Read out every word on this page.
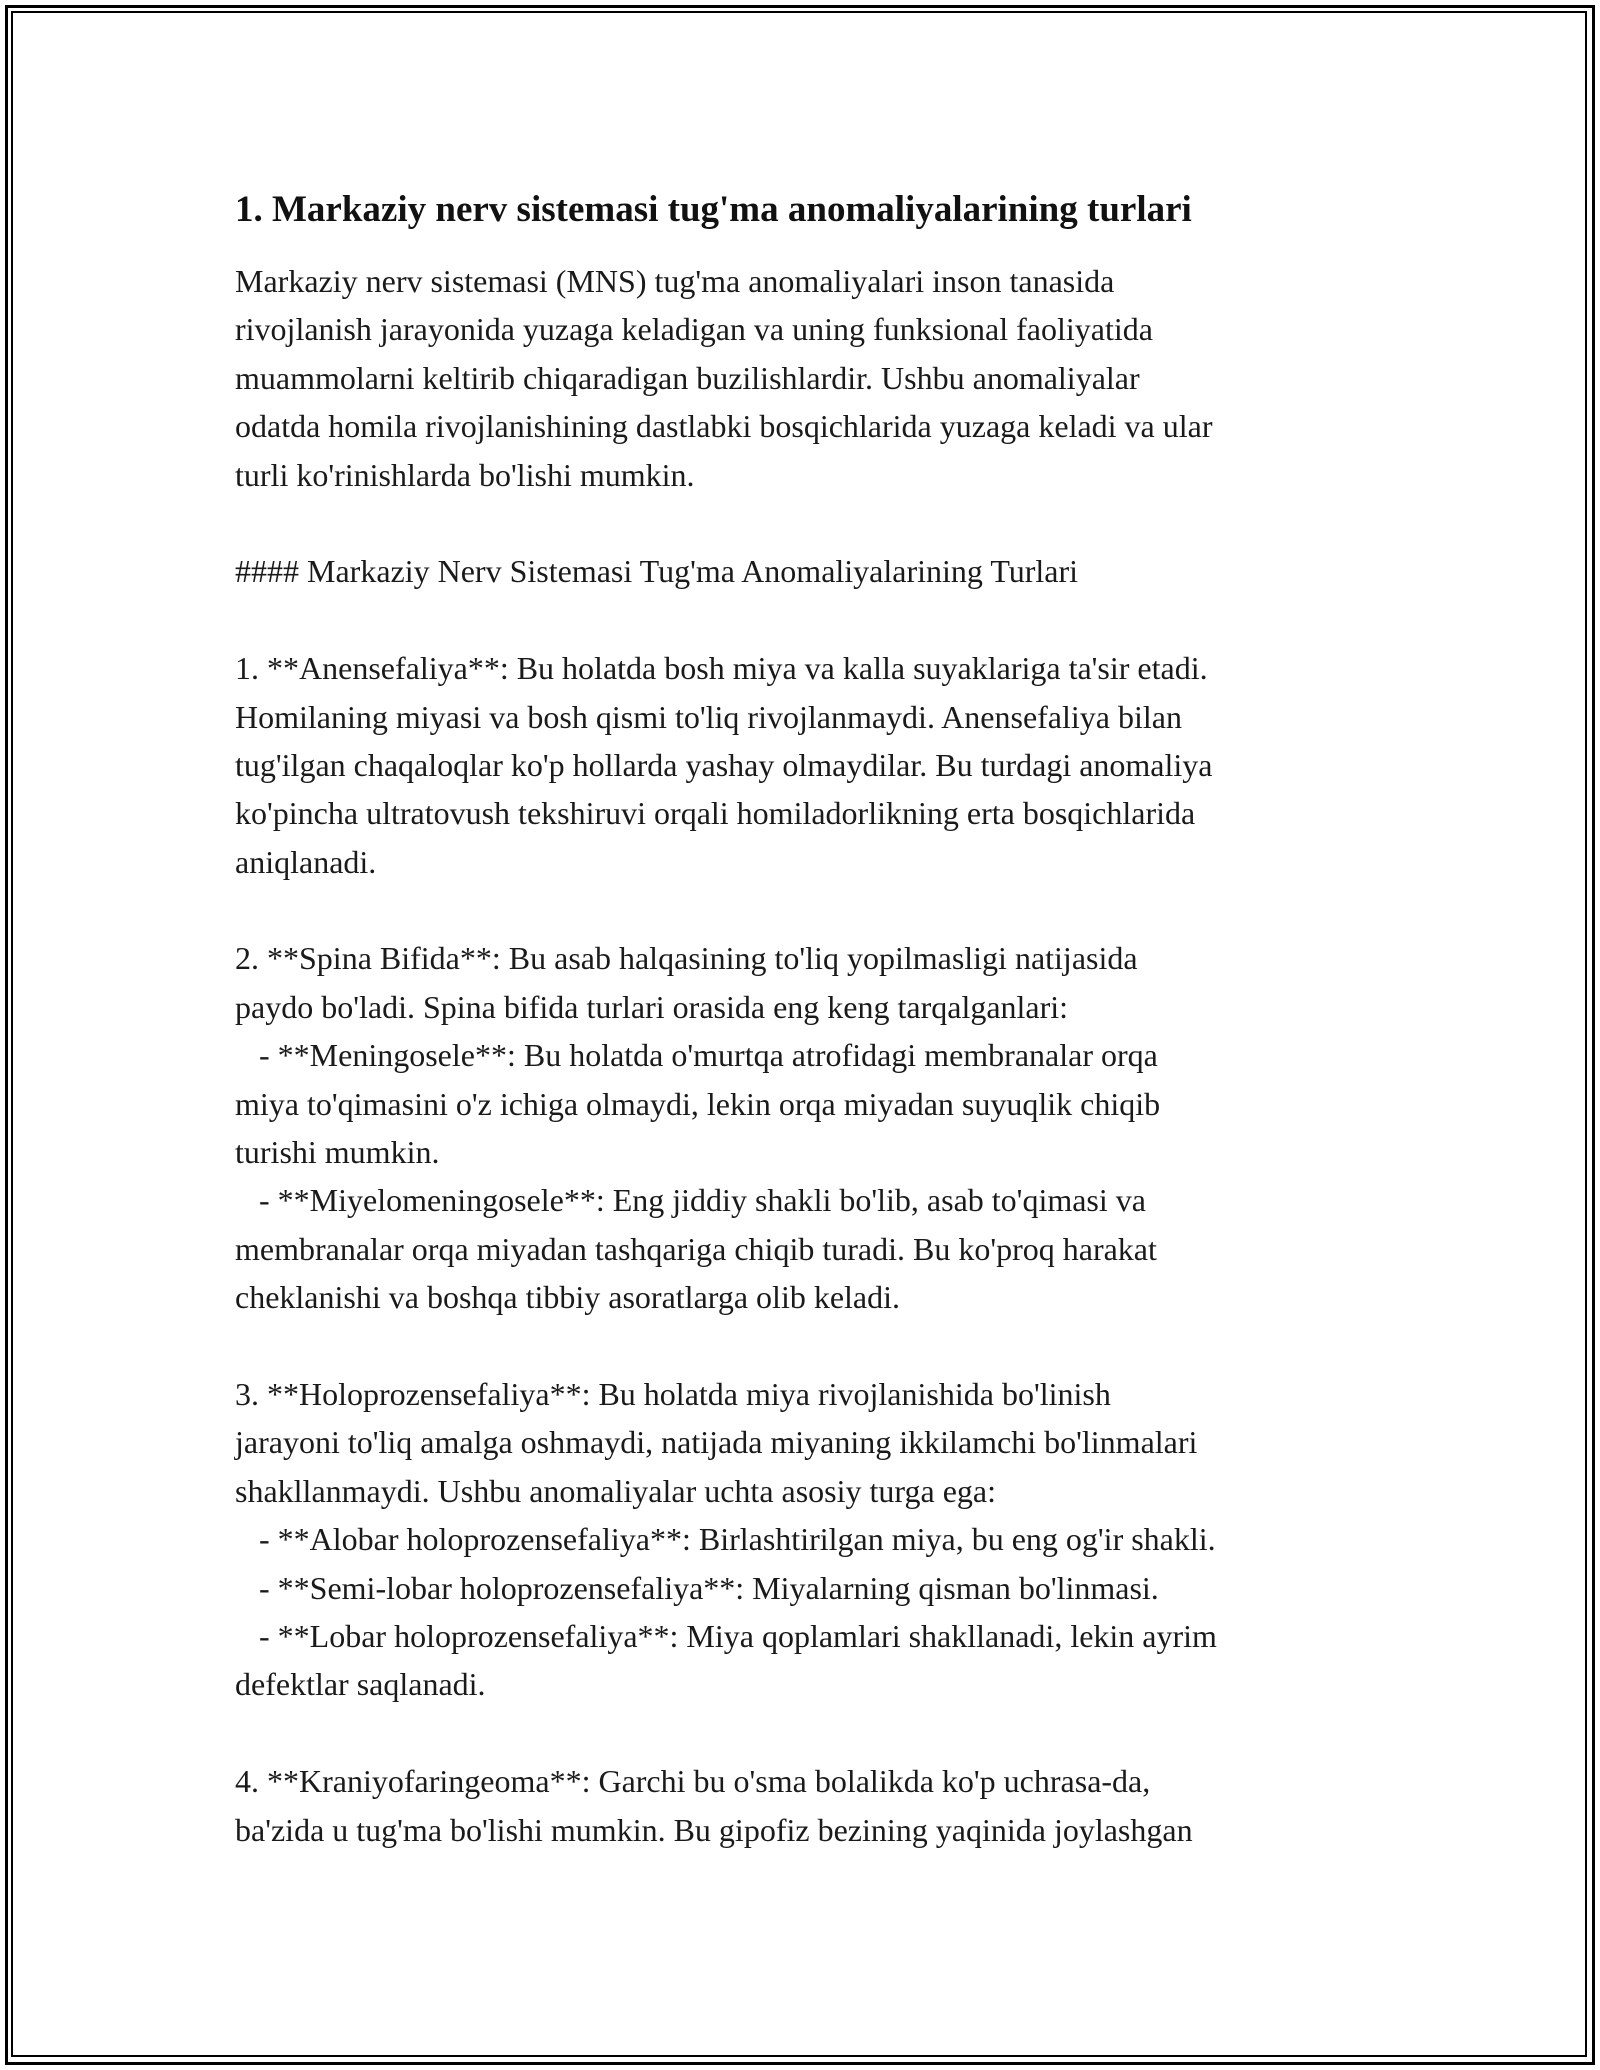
1. Markaziy nerv sistemasi tug'ma anomaliyalarining turlari
Markaziy nerv sistemasi (MNS) tug'ma anomaliyalari inson tanasida
rivojlanish jarayonida yuzaga keladigan va uning funksional faoliyatida
muammolarni keltirib chiqaradigan buzilishlardir. Ushbu anomaliyalar
odatda homila rivojlanishining dastlabki bosqichlarida yuzaga keladi va ular
turli ko'rinishlarda bo'lishi mumkin.
#### Markaziy Nerv Sistemasi Tug'ma Anomaliyalarining Turlari
1. **Anensefaliya**: Bu holatda bosh miya va kalla suyaklariga ta'sir etadi.
Homilaning miyasi va bosh qismi to'liq rivojlanmaydi. Anensefaliya bilan
tug'ilgan chaqaloqlar ko'p hollarda yashay olmaydilar. Bu turdagi anomaliya
ko'pincha ultratovush tekshiruvi orqali homiladorlikning erta bosqichlarida
aniqlanadi.
2. **Spina Bifida**: Bu asab halqasining to'liq yopilmasligi natijasida
paydo bo'ladi. Spina bifida turlari orasida eng keng tarqalganlari:
- **Meningosele**: Bu holatda o'murtqa atrofidagi membranalar orqa
miya to'qimasini o'z ichiga olmaydi, lekin orqa miyadan suyuqlik chiqib
turishi mumkin.
- **Miyelomeningosele**: Eng jiddiy shakli bo'lib, asab to'qimasi va
membranalar orqa miyadan tashqariga chiqib turadi. Bu ko'proq harakat
cheklanishi va boshqa tibbiy asoratlarga olib keladi.
3. **Holoprozensefaliya**: Bu holatda miya rivojlanishida bo'linish
jarayoni to'liq amalga oshmaydi, natijada miyaning ikkilamchi bo'linmalari
shakllanmaydi. Ushbu anomaliyalar uchta asosiy turga ega:
- **Alobar holoprozensefaliya**: Birlashtirilgan miya, bu eng og'ir shakli.
- **Semi-lobar holoprozensefaliya**: Miyalarning qisman bo'linmasi.
- **Lobar holoprozensefaliya**: Miya qoplamlari shakllanadi, lekin ayrim
defektlar saqlanadi.
4. **Kraniyofaringeoma**: Garchi bu o'sma bolalikda ko'p uchrasa-da,
ba'zida u tug'ma bo'lishi mumkin. Bu gipofiz bezining yaqinida joylashgan
